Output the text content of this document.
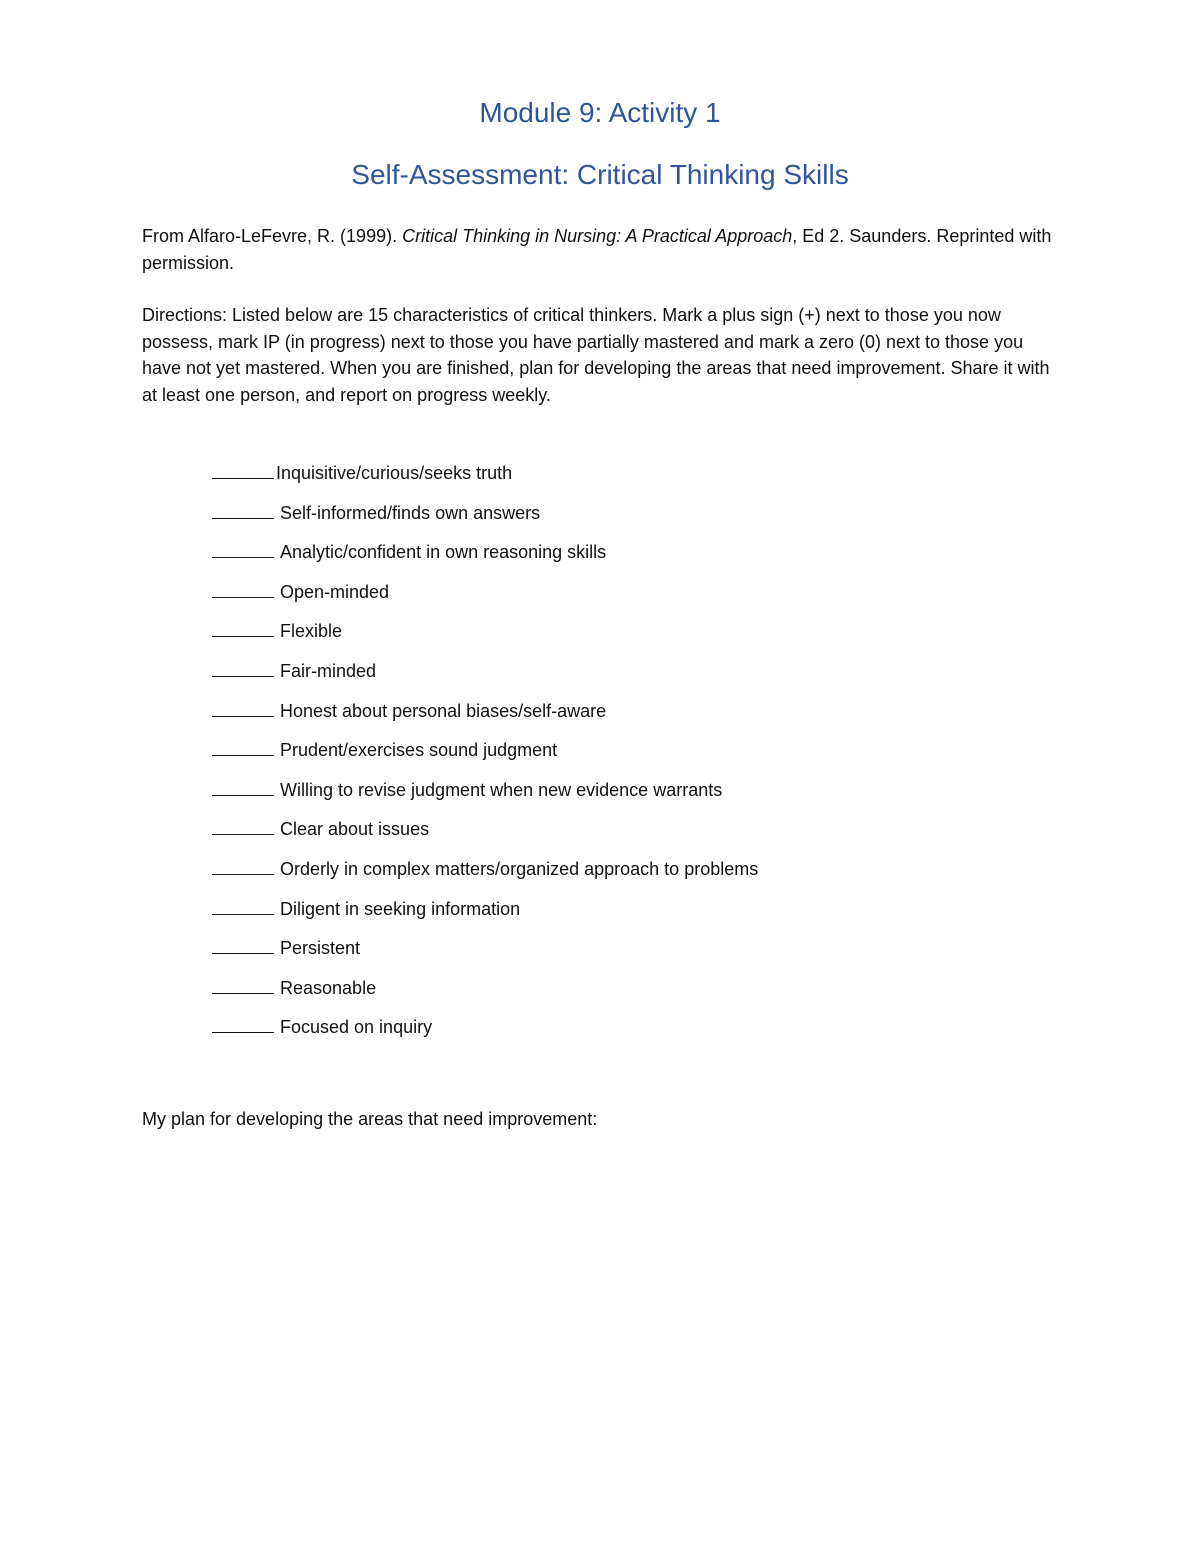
Module 9: Activity 1
Self-Assessment: Critical Thinking Skills

From Alfaro-LeFevre, R. (1999). Critical Thinking in Nursing: A Practical Approach, Ed 2. Saunders. Reprinted with permission.

Directions: Listed below are 15 characteristics of critical thinkers. Mark a plus sign (+) next to those you now possess, mark IP (in progress) next to those you have partially mastered and mark a zero (0) next to those you have not yet mastered. When you are finished, plan for developing the areas that need improvement. Share it with at least one person, and report on progress weekly.

Inquisitive/curious/seeks truth
Self-informed/finds own answers
Analytic/confident in own reasoning skills
Open-minded
Flexible
Fair-minded
Honest about personal biases/self-aware
Prudent/exercises sound judgment
Willing to revise judgment when new evidence warrants
Clear about issues
Orderly in complex matters/organized approach to problems
Diligent in seeking information
Persistent
Reasonable
Focused on inquiry

My plan for developing the areas that need improvement:
